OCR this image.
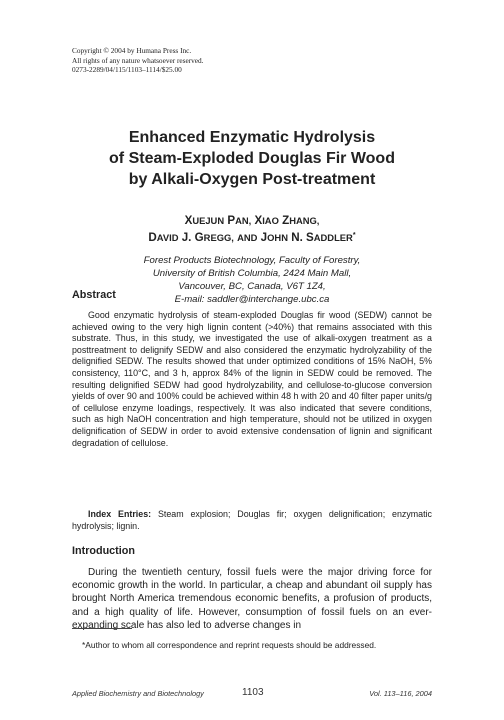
Copyright © 2004 by Humana Press Inc.
All rights of any nature whatsoever reserved.
0273-2289/04/115/1103–1114/$25.00
Enhanced Enzymatic Hydrolysis
of Steam-Exploded Douglas Fir Wood
by Alkali-Oxygen Post-treatment
XUEJUN PAN, XIAO ZHANG,
DAVID J. GREGG, AND JOHN N. SADDLER*
Forest Products Biotechnology, Faculty of Forestry,
University of British Columbia, 2424 Main Mall,
Vancouver, BC, Canada, V6T 1Z4,
E-mail: saddler@interchange.ubc.ca
Abstract
Good enzymatic hydrolysis of steam-exploded Douglas fir wood (SEDW) cannot be achieved owing to the very high lignin content (>40%) that remains associated with this substrate. Thus, in this study, we investigated the use of alkali-oxygen treatment as a posttreatment to delignify SEDW and also considered the enzymatic hydrolyzability of the delignified SEDW. The results showed that under optimized conditions of 15% NaOH, 5% consistency, 110°C, and 3 h, approx 84% of the lignin in SEDW could be removed. The resulting delignified SEDW had good hydrolyzability, and cellulose-to-glucose conversion yields of over 90 and 100% could be achieved within 48 h with 20 and 40 filter paper units/g of cellulose enzyme loadings, respectively. It was also indicated that severe conditions, such as high NaOH concentration and high temperature, should not be utilized in oxygen delignification of SEDW in order to avoid extensive condensation of lignin and significant degradation of cellulose.
Index Entries: Steam explosion; Douglas fir; oxygen delignification; enzymatic hydrolysis; lignin.
Introduction
During the twentieth century, fossil fuels were the major driving force for economic growth in the world. In particular, a cheap and abundant oil supply has brought North America tremendous economic benefits, a profusion of products, and a high quality of life. However, consumption of fossil fuels on an ever-expanding scale has also led to adverse changes in
*Author to whom all correspondence and reprint requests should be addressed.
Applied Biochemistry and Biotechnology	1103	Vol. 113–116, 2004
